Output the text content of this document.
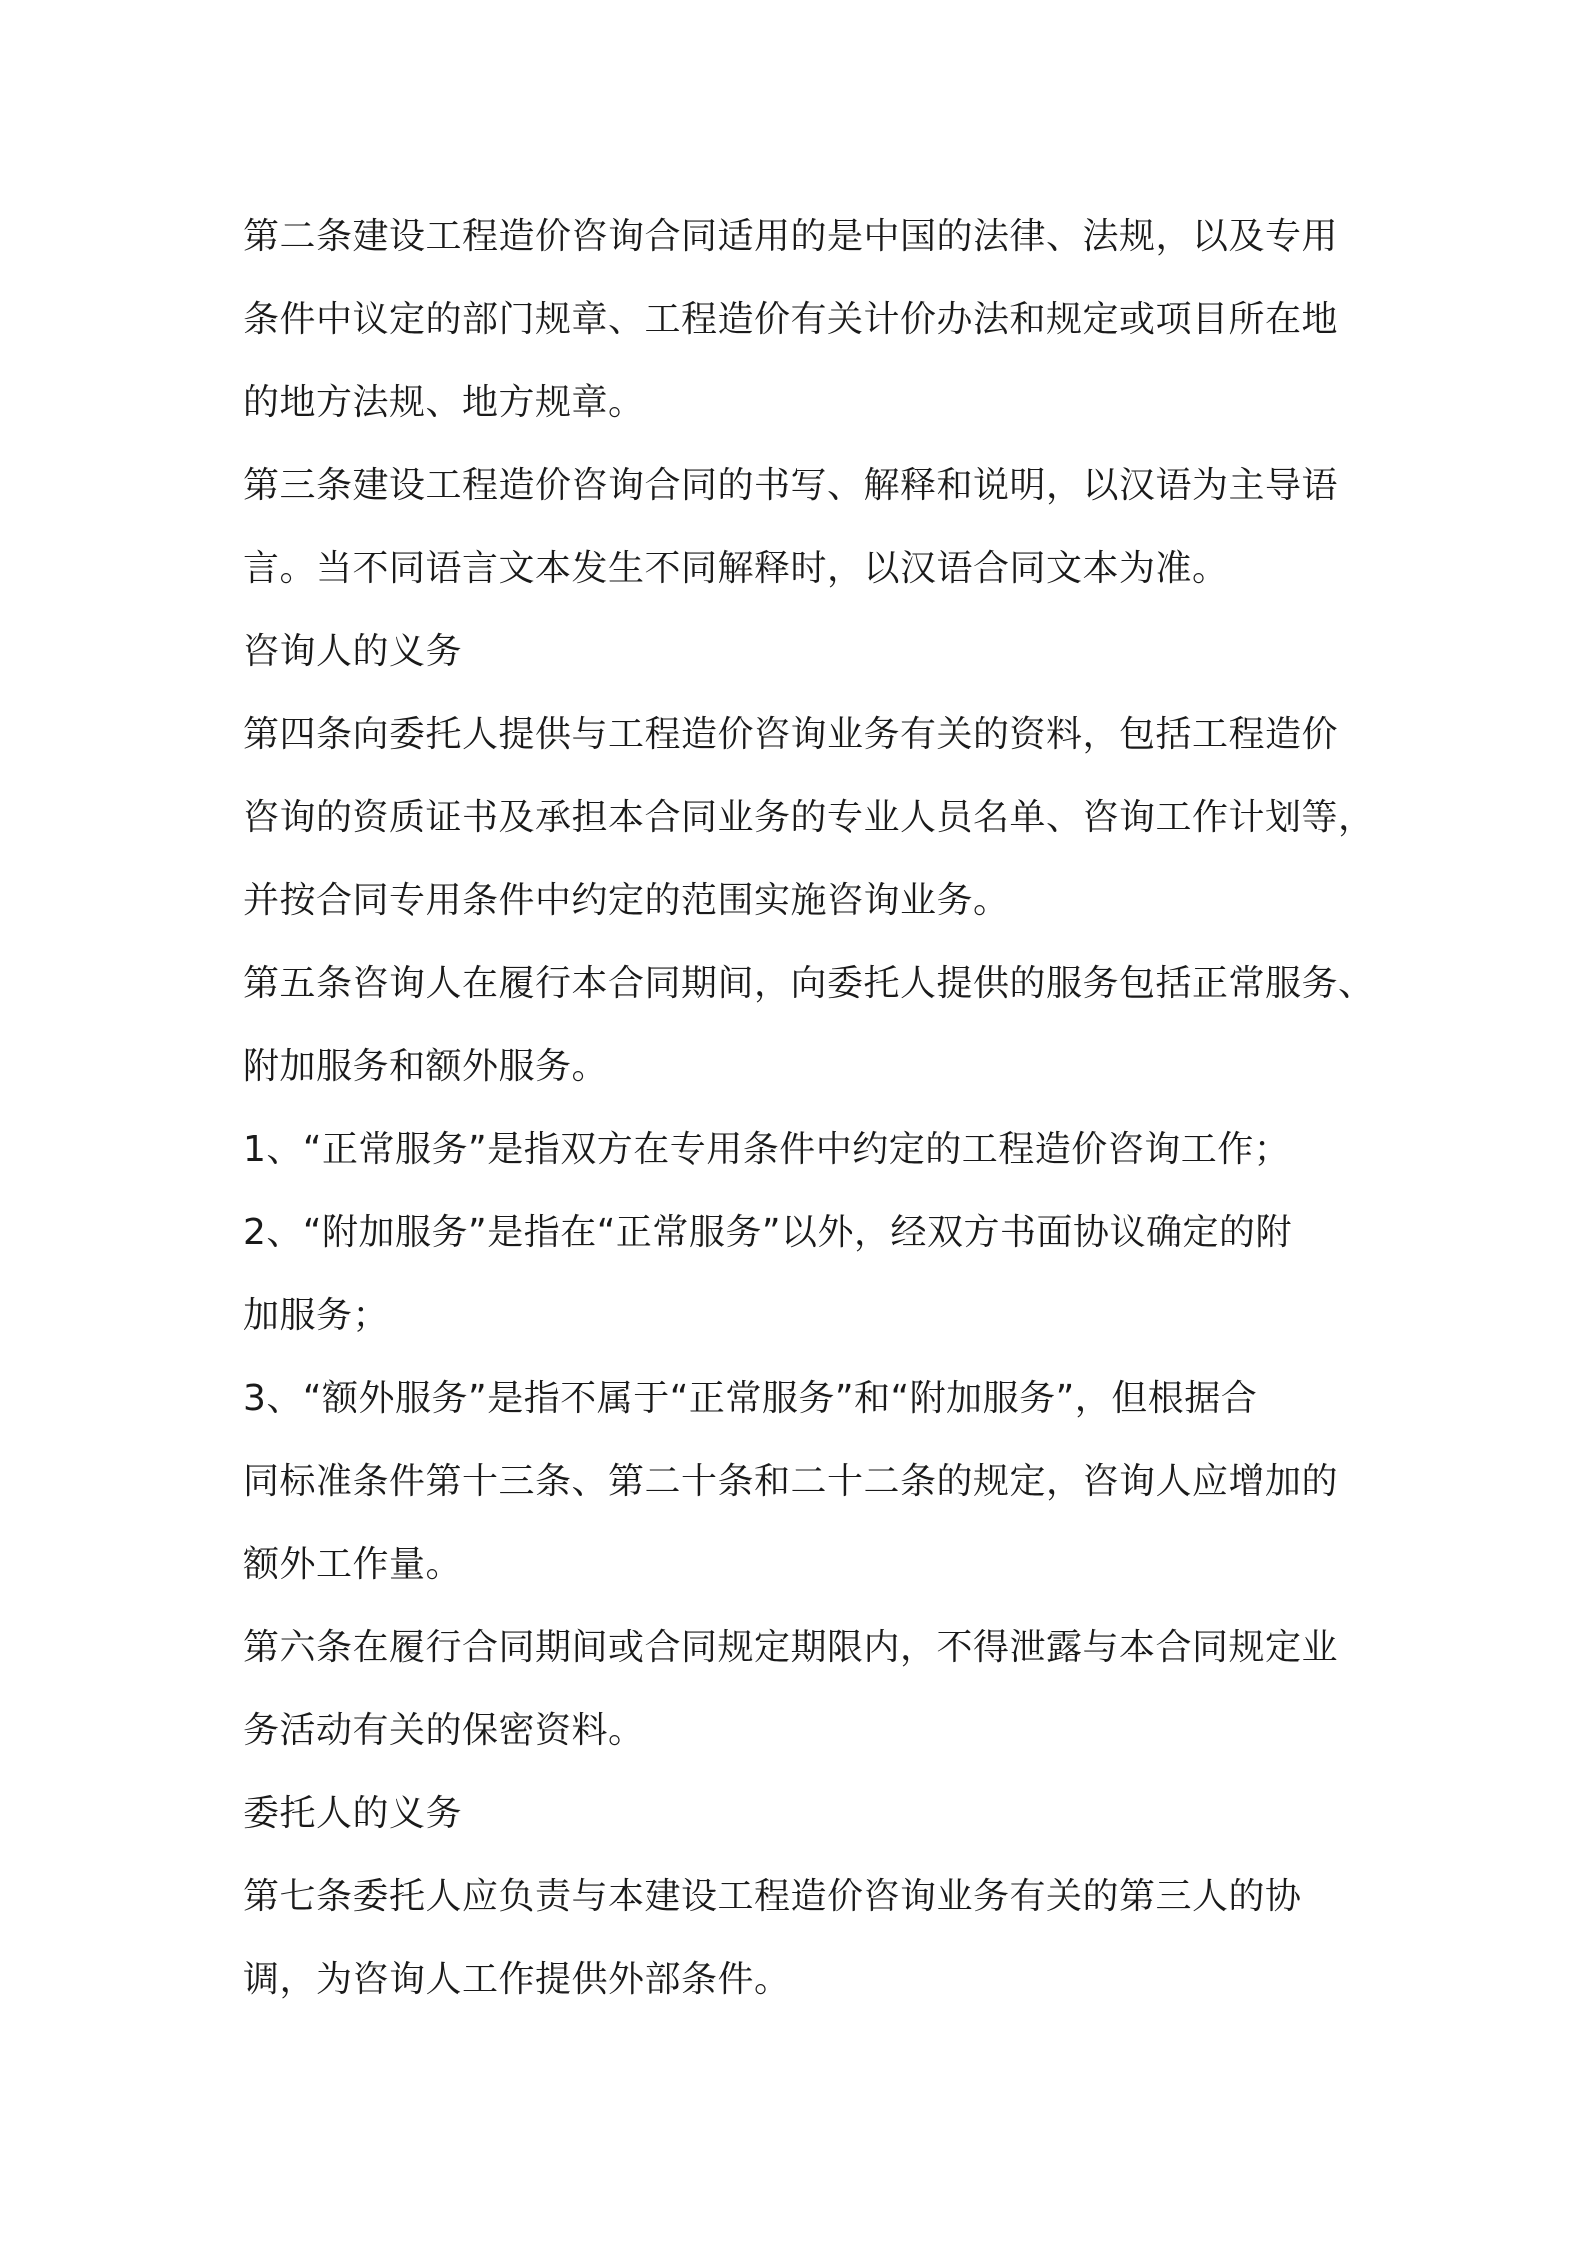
第二条建设工程造价咨询合同适用的是中国的法律、法规，以及专用
条件中议定的部门规章、工程造价有关计价办法和规定或项目所在地
的地方法规、地方规章。
第三条建设工程造价咨询合同的书写、解释和说明，以汉语为主导语
言。当不同语言文本发生不同解释时，以汉语合同文本为准。
咨询人的义务
第四条向委托人提供与工程造价咨询业务有关的资料，包括工程造价
咨询的资质证书及承担本合同业务的专业人员名单、咨询工作计划等，
并按合同专用条件中约定的范围实施咨询业务。
第五条咨询人在履行本合同期间，向委托人提供的服务包括正常服务、
附加服务和额外服务。
1、“正常服务”是指双方在专用条件中约定的工程造价咨询工作；
2、“附加服务”是指在“正常服务”以外，经双方书面协议确定的附
加服务；
3、“额外服务”是指不属于“正常服务”和“附加服务”，但根据合
同标准条件第十三条、第二十条和二十二条的规定，咨询人应增加的
额外工作量。
第六条在履行合同期间或合同规定期限内，不得泄露与本合同规定业
务活动有关的保密资料。
委托人的义务
第七条委托人应负责与本建设工程造价咨询业务有关的第三人的协
调，为咨询人工作提供外部条件。
